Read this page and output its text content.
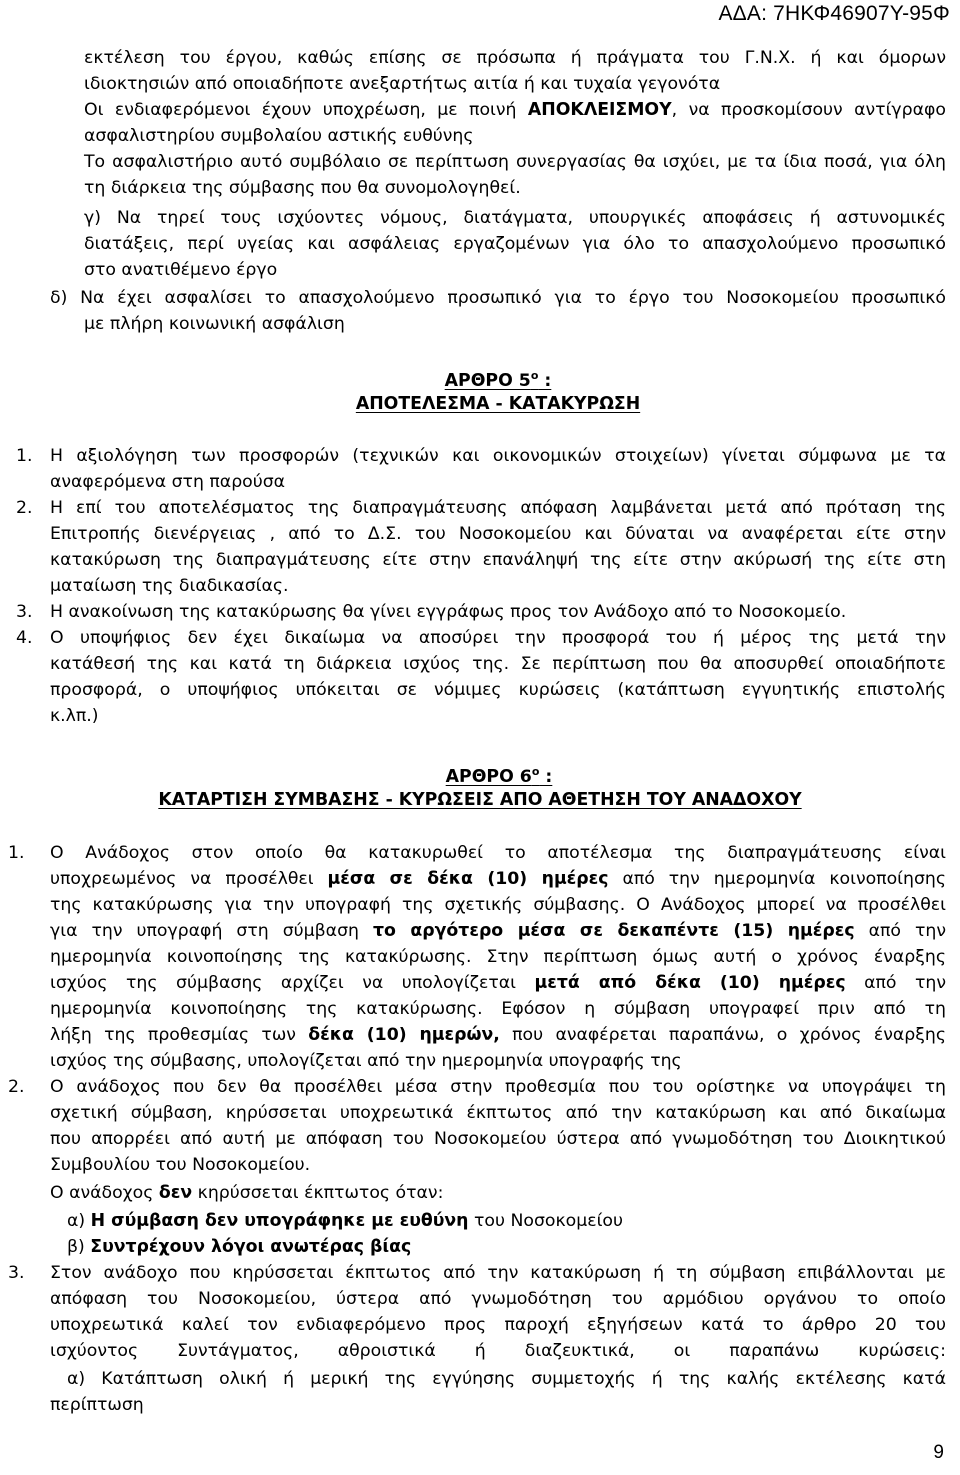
ΑΔΑ: 7ΗΚΦ46907Υ-95Φ
εκτέλεση του έργου, καθώς επίσης σε πρόσωπα ή πράγματα του Γ.Ν.Χ. ή και όμορων
ιδιοκτησιών από οποιαδήποτε ανεξαρτήτως αιτία ή και τυχαία γεγονότα
Οι ενδιαφερόμενοι έχουν υποχρέωση, με ποινή ΑΠΟΚΛΕΙΣΜΟΥ, να προσκομίσουν αντίγραφο
ασφαλιστηρίου συμβολαίου αστικής ευθύνης
Το ασφαλιστήριο αυτό συμβόλαιο σε περίπτωση συνεργασίας θα ισχύει, με τα ίδια ποσά, για όλη
τη διάρκεια της σύμβασης που θα συνομολογηθεί.
γ) Να τηρεί τους ισχύοντες νόμους, διατάγματα, υπουργικές αποφάσεις ή αστυνομικές
διατάξεις, περί υγείας και ασφάλειας εργαζομένων για όλο το απασχολούμενο προσωπικό
στο ανατιθέμενο έργο
δ) Να έχει ασφαλίσει το απασχολούμενο προσωπικό για το έργο του Νοσοκομείου προσωπικό
με πλήρη κοινωνική ασφάλιση
ΑΡΘΡΟ $5^o$ :
ΑΠΟΤΕΛΕΣΜΑ - ΚΑΤΑΚΥΡΩΣΗ
1. Η αξιολόγηση των προσφορών (τεχνικών και οικονομικών στοιχείων) γίνεται σύμφωνα με τα
αναφερόμενα στη παρούσα
2. Η επί του αποτελέσματος της διαπραγμάτευσης απόφαση λαμβάνεται μετά από πρόταση της
Επιτροπής διενέργειας , από το Δ.Σ. του Νοσοκομείου και δύναται να αναφέρεται είτε στην
κατακύρωση της διαπραγμάτευσης είτε στην επανάληψή της είτε στην ακύρωσή της είτε στη
ματαίωση της διαδικασίας.
3. Η ανακοίνωση της κατακύρωσης θα γίνει εγγράφως προς τον Ανάδοχο από το Νοσοκομείο.
4. Ο υποψήφιος δεν έχει δικαίωμα να αποσύρει την προσφορά του ή μέρος της μετά την
κατάθεσή της και κατά τη διάρκεια ισχύος της. Σε περίπτωση που θα αποσυρθεί οποιαδήποτε
προσφορά, ο υποψήφιος υπόκειται σε νόμιμες κυρώσεις (κατάπτωση εγγυητικής επιστολής
κ.λπ.)
ΑΡΘΡΟ $6^o$ :
ΚΑΤΑΡΤΙΣΗ ΣΥΜΒΑΣΗΣ - ΚΥΡΩΣΕΙΣ ΑΠΟ ΑΘΕΤΗΣΗ ΤΟΥ ΑΝΑΔΟΧΟΥ
1. Ο Ανάδοχος στον οποίο θα κατακυρωθεί το αποτέλεσμα της διαπραγμάτευσης είναι
υποχρεωμένος να προσέλθει μέσα σε δέκα (10) ημέρες από την ημερομηνία κοινοποίησης
της κατακύρωσης για την υπογραφή της σχετικής σύμβασης. Ο Ανάδοχος μπορεί να προσέλθει
για την υπογραφή στη σύμβαση το αργότερο μέσα σε δεκαπέντε (15) ημέρες από την
ημερομηνία κοινοποίησης της κατακύρωσης. Στην περίπτωση όμως αυτή ο χρόνος έναρξης
ισχύος της σύμβασης αρχίζει να υπολογίζεται μετά από δέκα (10) ημέρες από την
ημερομηνία κοινοποίησης της κατακύρωσης. Εφόσον η σύμβαση υπογραφεί πριν από τη
λήξη της προθεσμίας των δέκα (10) ημερών, που αναφέρεται παραπάνω, ο χρόνος έναρξης
ισχύος της σύμβασης, υπολογίζεται από την ημερομηνία υπογραφής της
2. Ο ανάδοχος που δεν θα προσέλθει μέσα στην προθεσμία που του ορίστηκε να υπογράψει τη
σχετική σύμβαση, κηρύσσεται υποχρεωτικά έκπτωτος από την κατακύρωση και από δικαίωμα
που απορρέει από αυτή με απόφαση του Νοσοκομείου ύστερα από γνωμοδότηση του Διοικητικού
Συμβουλίου του Νοσοκομείου.
Ο ανάδοχος δεν κηρύσσεται έκπτωτος όταν:
α) Η σύμβαση δεν υπογράφηκε με ευθύνη του Νοσοκομείου
β) Συντρέχουν λόγοι ανωτέρας βίας
3. Στον ανάδοχο που κηρύσσεται έκπτωτος από την κατακύρωση ή τη σύμβαση επιβάλλονται με
απόφαση του Νοσοκομείου, ύστερα από γνωμοδότηση του αρμόδιου οργάνου το οποίο
υποχρεωτικά καλεί τον ενδιαφερόμενο προς παροχή εξηγήσεων κατά το άρθρο 20 του
ισχύοντος Συντάγματος, αθροιστικά ή διαζευκτικά, οι παραπάνω κυρώσεις:
α) Κατάπτωση ολική ή μερική της εγγύησης συμμετοχής ή της καλής εκτέλεσης κατά
περίπτωση
9
